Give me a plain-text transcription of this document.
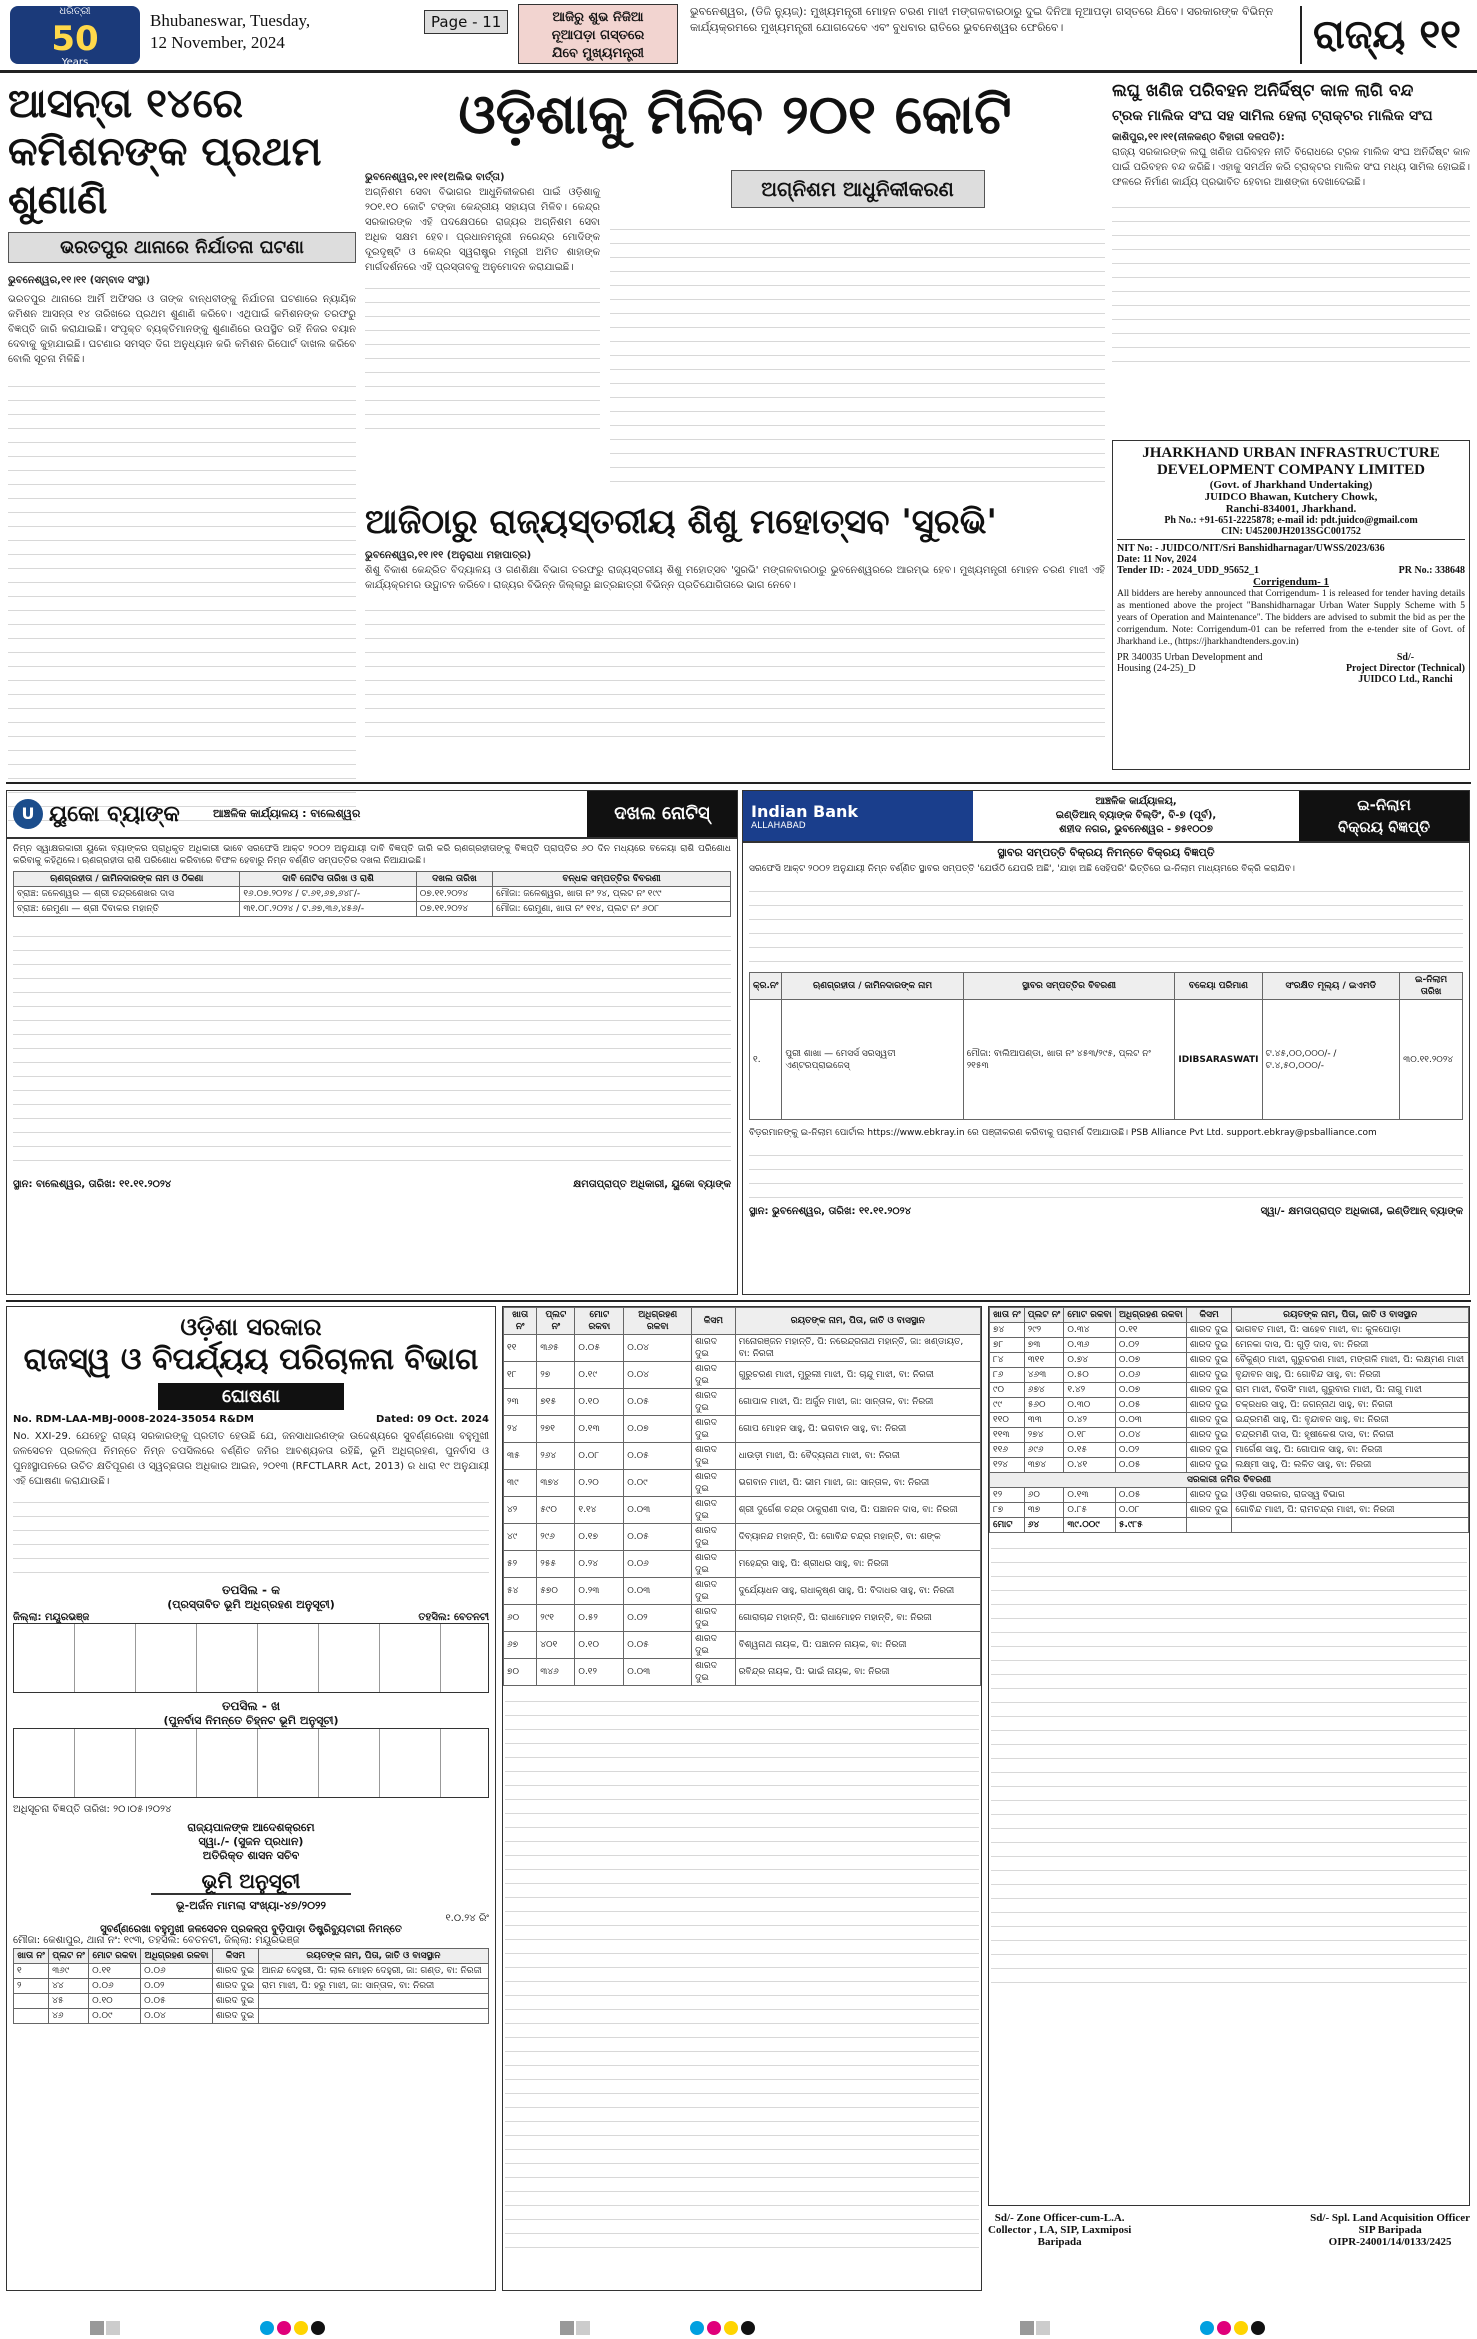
ଧରିତ୍ରୀ
50
Years
Bhubaneswar, Tuesday,
12 November, 2024
Page - 11	ଆଜିରୁ ଶୁଭ ନିଜିଆ
ନୂଆପଡ଼ା ଗସ୍ତରେ
ଯିବେ ମୁଖ୍ୟମନ୍ତ୍ରୀ
ଭୁବନେଶ୍ୱର, (ଡିଜି ନ୍ୟୁଜ୍): ମୁଖ୍ୟମନ୍ତ୍ରୀ ମୋହନ ଚରଣ ମାଝୀ ମଙ୍ଗଳବାରଠାରୁ ଦୁଇ ଦିନିଆ ନୂଆପଡ଼ା ଗସ୍ତରେ ଯିବେ। ସରକାରଙ୍କ ବିଭିନ୍ନ କାର୍ଯ୍ୟକ୍ରମରେ ମୁଖ୍ୟମନ୍ତ୍ରୀ ଯୋଗଦେବେ ଏବଂ ବୁଧବାର ରାତିରେ ଭୁବନେଶ୍ୱର ଫେରିବେ।	ରାଜ୍ୟ ୧୧
ଆସନ୍ତା ୧୪ରେ
କମିଶନଙ୍କ ପ୍ରଥମ ଶୁଣାଣି
ଭରତପୁର ଥାନାରେ ନିର୍ଯାତନା ଘଟଣା
ଭୁବନେଶ୍ୱର,୧୧।୧୧ (ସମ୍ବାଦ ସଂସ୍ଥା)
ଭରତପୁର ଥାନାରେ ଆର୍ମି ଅଫିସର ଓ ତାଙ୍କ ବାନ୍ଧବୀଙ୍କୁ ନିର୍ଯାତନା ଘଟଣାରେ ନ୍ୟାୟିକ କମିଶନ ଆସନ୍ତା ୧୪ ତାରିଖରେ ପ୍ରଥମ ଶୁଣାଣି କରିବେ। ଏଥିପାଇଁ କମିଶନଙ୍କ ତରଫରୁ ବିଜ୍ଞପ୍ତି ଜାରି କରାଯାଇଛି। ସଂପୃକ୍ତ ବ୍ୟକ୍ତିମାନଙ୍କୁ ଶୁଣାଣିରେ ଉପସ୍ଥିତ ରହି ନିଜର ବୟାନ ଦେବାକୁ କୁହାଯାଇଛି। ଘଟଣାର ସମସ୍ତ ଦିଗ ଅନୁଧ୍ୟାନ କରି କମିଶନ ରିପୋର୍ଟ ଦାଖଲ କରିବେ ବୋଲି ସୂଚନା ମିଳିଛି।
ଓଡ଼ିଶାକୁ ମିଳିବ ୨୦୧ କୋଟି
ଭୁବନେଶ୍ୱର,୧୧।୧୧(ଅଲିଭ ବାର୍ତ୍ତା)
ଅଗ୍ନିଶମ ସେବା ବିଭାଗର ଆଧୁନିକୀକରଣ ପାଇଁ ଓଡ଼ିଶାକୁ ୨୦୧.୧୦ କୋଟି ଟଙ୍କା କେନ୍ଦ୍ରୀୟ ସହାୟତା ମିଳିବ। କେନ୍ଦ୍ର ସରକାରଙ୍କ ଏହି ପଦକ୍ଷେପରେ ରାଜ୍ୟର ଅଗ୍ନିଶମ ସେବା ଅଧିକ ସକ୍ଷମ ହେବ। ପ୍ରଧାନମନ୍ତ୍ରୀ ନରେନ୍ଦ୍ର ମୋଦିଙ୍କ ଦୂରଦୃଷ୍ଟି ଓ କେନ୍ଦ୍ର ସ୍ୱରାଷ୍ଟ୍ର ମନ୍ତ୍ରୀ ଅମିତ ଶାହାଙ୍କ ମାର୍ଗଦର୍ଶନରେ ଏହି ପ୍ରସ୍ତାବକୁ ଅନୁମୋଦନ କରାଯାଇଛି।
ଅଗ୍ନିଶମ ଆଧୁନିକୀକରଣ
ଆଜିଠାରୁ ରାଜ୍ୟସ୍ତରୀୟ ଶିଶୁ ମହୋତ୍ସବ 'ସୁରଭି'
ଭୁବନେଶ୍ୱର,୧୧।୧୧ (ଅନୁରାଧା ମହାପାତ୍ର)
ଶିଶୁ ବିକାଶ କେନ୍ଦ୍ରିତ ବିଦ୍ୟାଳୟ ଓ ଗଣଶିକ୍ଷା ବିଭାଗ ତରଫରୁ ରାଜ୍ୟସ୍ତରୀୟ ଶିଶୁ ମହୋତ୍ସବ 'ସୁରଭି' ମଙ୍ଗଳବାରଠାରୁ ଭୁବନେଶ୍ୱରରେ ଆରମ୍ଭ ହେବ। ମୁଖ୍ୟମନ୍ତ୍ରୀ ମୋହନ ଚରଣ ମାଝୀ ଏହି କାର୍ଯ୍ୟକ୍ରମର ଉଦ୍ଘାଟନ କରିବେ। ରାଜ୍ୟର ବିଭିନ୍ନ ଜିଲ୍ଲାରୁ ଛାତ୍ରଛାତ୍ରୀ ବିଭିନ୍ନ ପ୍ରତିଯୋଗିତାରେ ଭାଗ ନେବେ।
ଲଘୁ ଖଣିଜ ପରିବହନ ଅନିର୍ଦ୍ଦିଷ୍ଟ କାଳ ଲାଗି ବନ୍ଦ
ଟ୍ରକ ମାଲିକ ସଂଘ ସହ ସାମିଲ ହେଲା ଟ୍ରାକ୍ଟର ମାଲିକ ସଂଘ
କାଶିପୁର,୧୧।୧୧(ନୀଳକଣ୍ଠ ବିହାରୀ ଦଳପତି):
ରାଜ୍ୟ ସରକାରଙ୍କ ଲଘୁ ଖଣିଜ ପରିବହନ ନୀତି ବିରୋଧରେ ଟ୍ରକ ମାଲିକ ସଂଘ ଅନିର୍ଦ୍ଦିଷ୍ଟ କାଳ ପାଇଁ ପରିବହନ ବନ୍ଦ କରିଛି। ଏହାକୁ ସମର୍ଥନ କରି ଟ୍ରାକ୍ଟର ମାଲିକ ସଂଘ ମଧ୍ୟ ସାମିଲ ହୋଇଛି। ଫଳରେ ନିର୍ମାଣ କାର୍ଯ୍ୟ ପ୍ରଭାବିତ ହେବାର ଆଶଙ୍କା ଦେଖାଦେଇଛି।
JHARKHAND URBAN INFRASTRUCTURE
DEVELOPMENT COMPANY LIMITED
(Govt. of Jharkhand Undertaking)
JUIDCO Bhawan, Kutchery Chowk,
Ranchi-834001, Jharkhand.
Ph No.: +91-651-2225878; e-mail id: pdt.juidco@gmail.com
CIN: U45200JH2013SGC001752
NIT No: - JUIDCO/NIT/Sri Banshidharnagar/UWSS/2023/636
Date: 11 Nov, 2024
Tender ID: - 2024_UDD_95652_1	PR No.: 338648
Corrigendum- 1
All bidders are hereby announced that Corrigendum- 1 is released for tender having details as mentioned above the project "Banshidharnagar Urban Water Supply Scheme with 5 years of Operation and Maintenance". The bidders are advised to submit the bid as per the corrigendum. Note: Corrigendum-01 can be referred from the e-tender site of Govt. of Jharkhand i.e., (https://jharkhandtenders.gov.in)
PR 340035 Urban Development and Housing (24-25)_D
Sd/-
Project Director (Technical)
JUIDCO Ltd., Ranchi
U ୟୁକୋ ବ୍ୟାଙ୍କ	ଆଞ୍ଚଳିକ କାର୍ଯ୍ୟାଳୟ : ବାଲେଶ୍ୱର	ଦଖଲ ନୋଟିସ୍
ନିମ୍ନ ସ୍ୱାକ୍ଷରକାରୀ ୟୁକୋ ବ୍ୟାଙ୍କର ପ୍ରାଧିକୃତ ଅଧିକାରୀ ଭାବେ ସରଫେସି ଆକ୍ଟ ୨୦୦୨ ଅନୁଯାୟୀ ଦାବି ବିଜ୍ଞପ୍ତି ଜାରି କରି ଋଣଗ୍ରହୀତାଙ୍କୁ ବିଜ୍ଞପ୍ତି ପ୍ରାପ୍ତିର ୬୦ ଦିନ ମଧ୍ୟରେ ବକେୟା ରାଶି ପରିଶୋଧ କରିବାକୁ କହିଥିଲେ। ଋଣଗ୍ରହୀତା ରାଶି ପରିଶୋଧ କରିବାରେ ବିଫଳ ହେବାରୁ ନିମ୍ନ ବର୍ଣ୍ଣିତ ସମ୍ପତ୍ତିର ଦଖଲ ନିଆଯାଇଛି।
ଋଣଗ୍ରହୀତା / ଜାମିନଦାରଙ୍କ ନାମ ଓ ଠିକଣା	ଦାବି ନୋଟିସ ତାରିଖ ଓ ରାଶି	ଦଖଲ ତାରିଖ	ବନ୍ଧକ ସମ୍ପତ୍ତିର ବିବରଣୀ
ବ୍ରାଞ୍ଚ: ଜଳେଶ୍ୱର — ଶ୍ରୀ ଚନ୍ଦ୍ରଶେଖର ଦାସ	୧୬.୦୭.୨୦୨୪ / ଟ.୬୧,୬୭,୬୪୮/-	୦୭.୧୧.୨୦୨୪	ମୌଜା: ଜଳେଶ୍ୱର, ଖାତା ନଂ ୨୪, ପ୍ଲଟ ନଂ ୧୯୯
ବ୍ରାଞ୍ଚ: ରେମୁଣା — ଶ୍ରୀ ଦିବାକର ମହାନ୍ତି	୩୧.୦୮.୨୦୨୪ / ଟ.୬୭,୩୬,୪୫୬/-	୦୭.୧୧.୨୦୨୪	ମୌଜା: ରେମୁଣା, ଖାତା ନଂ ୧୧୪, ପ୍ଲଟ ନଂ ୬୦୮
ସ୍ଥାନ: ବାଲେଶ୍ୱର, ତାରିଖ: ୧୧.୧୧.୨୦୨୪	କ୍ଷମତାପ୍ରାପ୍ତ ଅଧିକାରୀ, ୟୁକୋ ବ୍ୟାଙ୍କ
Indian Bank
ALLAHABAD
ଆଞ୍ଚଳିକ କାର୍ଯ୍ୟାଳୟ,
ଇଣ୍ଡିଆନ୍ ବ୍ୟାଙ୍କ ବିଲ୍ଡିଂ, ବି-୭ (ପୂର୍ବ),
ଶହୀଦ ନଗର, ଭୁବନେଶ୍ୱର - ୭୫୧୦୦୭
ଇ-ନିଲାମ
ବିକ୍ରୟ ବିଜ୍ଞପ୍ତି
ସ୍ଥାବର ସମ୍ପତ୍ତି ବିକ୍ରୟ ନିମନ୍ତେ ବିକ୍ରୟ ବିଜ୍ଞପ୍ତି
ସରଫେସି ଆକ୍ଟ ୨୦୦୨ ଅନୁଯାୟୀ ନିମ୍ନ ବର୍ଣ୍ଣିତ ସ୍ଥାବର ସମ୍ପତ୍ତି 'ଯେଉଁଠି ଯେପରି ଅଛି', 'ଯାହା ଅଛି ସେହିପରି' ଭିତ୍ତିରେ ଇ-ନିଲାମ ମାଧ୍ୟମରେ ବିକ୍ରି କରାଯିବ।
କ୍ର.ନଂ	ଋଣଗ୍ରହୀତା / ଜାମିନଦାରଙ୍କ ନାମ	ସ୍ଥାବର ସମ୍ପତ୍ତିର ବିବରଣୀ	ବକେୟା ପରିମାଣ	ସଂରକ୍ଷିତ ମୂଲ୍ୟ / ଇଏମଡି	ଇ-ନିଲାମ ତାରିଖ
୧.	ପୁରୀ ଶାଖା — ମେସର୍ସ ସରସ୍ୱତୀ ଏଣ୍ଟରପ୍ରାଇଜେସ୍	ମୌଜା: ବାଲିଆପଣ୍ଡା, ଖାତା ନଂ ୪୫୩/୨୯୫, ପ୍ଲଟ ନଂ ୨୧୫୩	IDIBSARASWATI	ଟ.୪୫,୦୦,୦୦୦/- / ଟ.୪,୫୦,୦୦୦/-	୩୦.୧୧.୨୦୨୪
ବିଡ଼ରମାନଙ୍କୁ ଇ-ନିଲାମ ପୋର୍ଟାଲ https://www.ebkray.in ରେ ପଞ୍ଜୀକରଣ କରିବାକୁ ପରାମର୍ଶ ଦିଆଯାଉଛି। PSB Alliance Pvt Ltd. support.ebkray@psballiance.com
ସ୍ଥାନ: ଭୁବନେଶ୍ୱର, ତାରିଖ: ୧୧.୧୧.୨୦୨୪	ସ୍ୱା/- କ୍ଷମତାପ୍ରାପ୍ତ ଅଧିକାରୀ, ଇଣ୍ଡିଆନ୍ ବ୍ୟାଙ୍କ
ଓଡ଼ିଶା ସରକାର
ରାଜସ୍ୱ ଓ ବିପର୍ଯ୍ୟୟ ପରିଚାଳନା ବିଭାଗ
ଘୋଷଣା
No. RDM-LAA-MBJ-0008-2024-35054 R&DM	Dated: 09 Oct. 2024
No. XXI-29. ଯେହେତୁ ରାଜ୍ୟ ସରକାରଙ୍କୁ ପ୍ରତୀତ ହେଉଛି ଯେ, ଜନସାଧାରଣଙ୍କ ଉଦ୍ଦେଶ୍ୟରେ ସୁବର୍ଣ୍ଣରେଖା ବହୁମୁଖୀ ଜଳସେଚନ ପ୍ରକଳ୍ପ ନିମନ୍ତେ ନିମ୍ନ ତପସିଲରେ ବର୍ଣ୍ଣିତ ଜମିର ଆବଶ୍ୟକତା ରହିଛି, ଭୂମି ଅଧିଗ୍ରହଣ, ପୁନର୍ବାସ ଓ ପୁନଃସ୍ଥାପନରେ ଉଚିତ କ୍ଷତିପୂରଣ ଓ ସ୍ୱଚ୍ଛତାର ଅଧିକାର ଆଇନ, ୨୦୧୩ (RFCTLARR Act, 2013) ର ଧାରା ୧୯ ଅନୁଯାୟୀ ଏହି ଘୋଷଣା କରାଯାଉଛି।
ତପସିଲ - କ
(ପ୍ରସ୍ତାବିତ ଭୂମି ଅଧିଗ୍ରହଣ ଅନୁସୂଚୀ)
ଜିଲ୍ଲା: ମୟୂରଭଞ୍ଜ	ତହସିଲ: ବେତନଟୀ
ତପସିଲ - ଖ
(ପୁନର୍ବାସ ନିମନ୍ତେ ଚିହ୍ନଟ ଭୂମି ଅନୁସୂଚୀ)
ଅଧିସୂଚନା ବିଜ୍ଞପ୍ତି ତାରିଖ: ୨୦।୦୫।୨୦୨୪
ରାଜ୍ୟପାଳଙ୍କ ଆଦେଶକ୍ରମେ
ସ୍ୱା./- (ସୁଜନ ପ୍ରଧାନ)
ଅତିରିକ୍ତ ଶାସନ ସଚିବ
ଭୂମି ଅନୁସୂଚୀ
ଭୂ-ଅର୍ଜନ ମାମଲା ସଂଖ୍ୟା-୪୭/୨୦୨୨
୧.୦.୨୪ ରିଂ
ସୁବର୍ଣ୍ଣରେଖା ବହୁମୁଖୀ ଜଳସେଚନ ପ୍ରକଳ୍ପ ବୁଡ଼ିପାଡ଼ା ଡିଷ୍ଟ୍ରିବ୍ୟୁଟାରୀ ନିମନ୍ତେ
ମୌଜା: କେଶାପୁର, ଥାନା ନଂ: ୧୯୩, ତହସିଲ: ବେତନଟୀ, ଜିଲ୍ଲା: ମୟୂରଭଞ୍ଜ
ଖାତା ନଂ	ପ୍ଲଟ ନଂ	ମୋଟ ରକବା	ଅଧିଗ୍ରହଣ ରକବା	କିସମ	ରୟତଙ୍କ ନାମ, ପିତା, ଜାତି ଓ ବାସସ୍ଥାନ
୧	୩୬୯	୦.୧୧	୦.୦୬	ଶାରଦ ଦୁଇ	ଆନନ୍ଦ ଦେହୁରୀ, ପି: ଲାଲ ମୋହନ ଦେହୁରୀ, ଜା: ଗଣ୍ଡ, ବା: ନିରଜୀ
୨	୪୪	୦.୦୬	୦.୦୨	ଶାରଦ ଦୁଇ	ରାମ ମାଝୀ, ପି: ହରୁ ମାଝୀ, ଜା: ସାନ୍ତାଳ, ବା: ନିରଜୀ
	୪୫	୦.୧୦	୦.୦୫	ଶାରଦ ଦୁଇ	
	୪୬	୦.୦୯	୦.୦୪	ଶାରଦ ଦୁଇ	
ଖାତା ନଂ	ପ୍ଲଟ ନଂ	ମୋଟ ରକବା	ଅଧିଗ୍ରହଣ ରକବା	କିସମ	ରୟତଙ୍କ ନାମ, ପିତା, ଜାତି ଓ ବାସସ୍ଥାନ
୧୧	୩୬୫	୦.୦୫	୦.୦୪	ଶାରଦ ଦୁଇ	ମନୋରଞ୍ଜନ ମହାନ୍ତି, ପି: ନରେନ୍ଦ୍ରନାଥ ମହାନ୍ତି, ଜା: ଖଣ୍ଡାୟତ, ବା: ନିରଜୀ
୧୮	୨୭	୦.୧୯	୦.୦୪	ଶାରଦ ଦୁଇ	ଗୁରୁଚରଣ ମାଝୀ, ମୁରୁଲୀ ମାଝୀ, ପି: ଚାନ୍ଦୁ ମାଝୀ, ବା: ନିରଜୀ
୨୩	୭୧୫	୦.୧୦	୦.୦୫	ଶାରଦ ଦୁଇ	ଗୋପାଳ ମାଝୀ, ପି: ଅର୍ଜୁନ ମାଝୀ, ଜା: ସାନ୍ତାଳ, ବା: ନିରଜୀ
୨୪	୨୭୧	୦.୧୩	୦.୦୭	ଶାରଦ ଦୁଇ	ଗୋପ ମୋହନ ସାହୁ, ପି: ଭଗବାନ ସାହୁ, ବା: ନିରଜୀ
୩୫	୨୬୪	୦.୦୮	୦.୦୫	ଶାରଦ ଦୁଇ	ଧାଉଡ଼ୀ ମାଝୀ, ପି: ବୈଦ୍ୟନାଥ ମାଝୀ, ବା: ନିରଜୀ
୩୯	୩୭୪	୦.୨୦	୦.୦୯	ଶାରଦ ଦୁଇ	ଭଗବାନ ମାଝୀ, ପି: ଭୀମ ମାଝୀ, ଜା: ସାନ୍ତାଳ, ବା: ନିରଜୀ
୪୨	୫୯୦	୧.୧୪	୦.୦୩	ଶାରଦ ଦୁଇ	ଶ୍ରୀ ଦୁର୍ଗେଶ ଚନ୍ଦ୍ର ଠାକୁରାଣୀ ଦାସ, ପି: ପଞ୍ଚାନନ ଦାସ, ବା: ନିରଜୀ
୪୯	୨୯୬	୦.୧୭	୦.୦୫	ଶାରଦ ଦୁଇ	ଦିବ୍ୟାନନ୍ଦ ମହାନ୍ତି, ପି: ଗୋବିନ୍ଦ ଚନ୍ଦ୍ର ମହାନ୍ତି, ବା: ଶଙ୍କ
୫୨	୨୫୫	୦.୨୪	୦.୦୬	ଶାରଦ ଦୁଇ	ମହେନ୍ଦ୍ର ସାହୁ, ପି: ଶ୍ରୀଧର ସାହୁ, ବା: ନିରଜୀ
୫୪	୫୭୦	୦.୨୩	୦.୦୩	ଶାରଦ ଦୁଇ	ଦୁର୍ଯ୍ୟୋଧନ ସାହୁ, ରାଧାକୃଷ୍ଣ ସାହୁ, ପି: ବିଦାଧର ସାହୁ, ବା: ନିରଜୀ
୬୦	୨୯୧	୦.୫୨	୦.୦୨	ଶାରଦ ଦୁଇ	ଗୋରାଚାନ୍ଦ ମହାନ୍ତି, ପି: ରାଧାମୋହନ ମହାନ୍ତି, ବା: ନିରଜୀ
୬୭	୪୦୧	୦.୧୦	୦.୦୫	ଶାରଦ ଦୁଇ	ବିଶ୍ୱନାଥ ନାୟକ, ପି: ପଞ୍ଚାନନ ନାୟକ, ବା: ନିରଜୀ
୭୦	୩୪୬	୦.୧୨	୦.୦୩	ଶାରଦ ଦୁଇ	ରବିନ୍ଦ୍ର ନାୟକ, ପି: ଭାଇଁ ନାୟକ, ବା: ନିରଜୀ
ଖାତା ନଂ	ପ୍ଲଟ ନଂ	ମୋଟ ରକବା	ଅଧିଗ୍ରହଣ ରକବା	କିସମ	ରୟତଙ୍କ ନାମ, ପିତା, ଜାତି ଓ ବାସସ୍ଥାନ
୭୪	୨୯୨	୦.୩୪	୦.୧୧	ଶାରଦ ଦୁଇ	ଭାଗବତ ମାଝୀ, ପି: ସାହେବ ମାଝୀ, ବା: କୁଳପୋଡ଼ା
୭୮	୭୩	୦.୩୬	୦.୦୨	ଶାରଦ ଦୁଇ	ମେନକା ଦାସ, ପି: ଗୁଡ଼ି ଦାସ, ବା: ନିରଜୀ
୮୪	୩୧୧	୦.୭୪	୦.୦୭	ଶାରଦ ଦୁଇ	ବୈକୁଣ୍ଠ ମାଝୀ, ଗୁରୁଚରଣ ମାଝୀ, ମଙ୍ଗଳି ମାଝୀ, ପି: ଲକ୍ଷ୍ମଣ ମାଝୀ
୮୬	୪୬୩	୦.୫୦	୦.୦୬	ଶାରଦ ଦୁଇ	ବୃନ୍ଦାବନ ସାହୁ, ପି: ଗୋବିନ୍ଦ ସାହୁ, ବା: ନିରଜୀ
୯୦	୬୭୪	୧.୪୨	୦.୦୭	ଶାରଦ ଦୁଇ	ରାମ ମାଝୀ, ବିରସିଂ ମାଝୀ, ଗୁରୁବାର ମାଝୀ, ପି: ନାଗୁ ମାଝୀ
୯୯	୫୬୦	୦.୩୦	୦.୦୫	ଶାରଦ ଦୁଇ	ଚକ୍ରଧର ସାହୁ, ପି: ଜଗନ୍ନାଥ ସାହୁ, ବା: ନିରଜୀ
୧୧୦	୩୩	୦.୪୨	୦.୦୩	ଶାରଦ ଦୁଇ	ଇନ୍ଦ୍ରମଣି ସାହୁ, ପି: ବୃନ୍ଦାବନ ସାହୁ, ବା: ନିରଜୀ
୧୧୩	୨୭୪	୦.୧୮	୦.୦୪	ଶାରଦ ଦୁଇ	ଚନ୍ଦ୍ରମଣି ଦାସ, ପି: ହୃଷୀକେଶ ଦାସ, ବା: ନିରଜୀ
୧୧୬	୬୯୬	୦.୧୫	୦.୦୨	ଶାରଦ ଦୁଇ	ମାର୍ଗେଶ ସାହୁ, ପି: ଗୋପାଳ ସାହୁ, ବା: ନିରଜୀ
୧୨୪	୩୭୪	୦.୪୧	୦.୦୫	ଶାରଦ ଦୁଇ	ଲକ୍ଷ୍ମୀ ସାହୁ, ପି: ଲଳିତ ସାହୁ, ବା: ନିରଜୀ
ସରକାରୀ ଜମିର ବିବରଣୀ					
୧୨	୬୦	୦.୧୩	୦.୦୫	ଶାରଦ ଦୁଇ	ଓଡ଼ିଶା ସରକାର, ରାଜସ୍ୱ ବିଭାଗ
୮୭	୩୭	୦.୮୫	୦.୦୮	ଶାରଦ ଦୁଇ	ଗୋବିନ୍ଦ ମାଝୀ, ପି: ରାମଚନ୍ଦ୍ର ମାଝୀ, ବା: ନିରଜୀ
ମୋଟ	୬୪	୩୯.୦୦୯	୫.୯୮୫		
Sd/- Zone Officer-cum-L.A.
Collector , LA, SIP, Laxmiposi
Baripada
Sd/- Spl. Land Acquisition Officer
SIP Baripada
OIPR-24001/14/0133/2425
